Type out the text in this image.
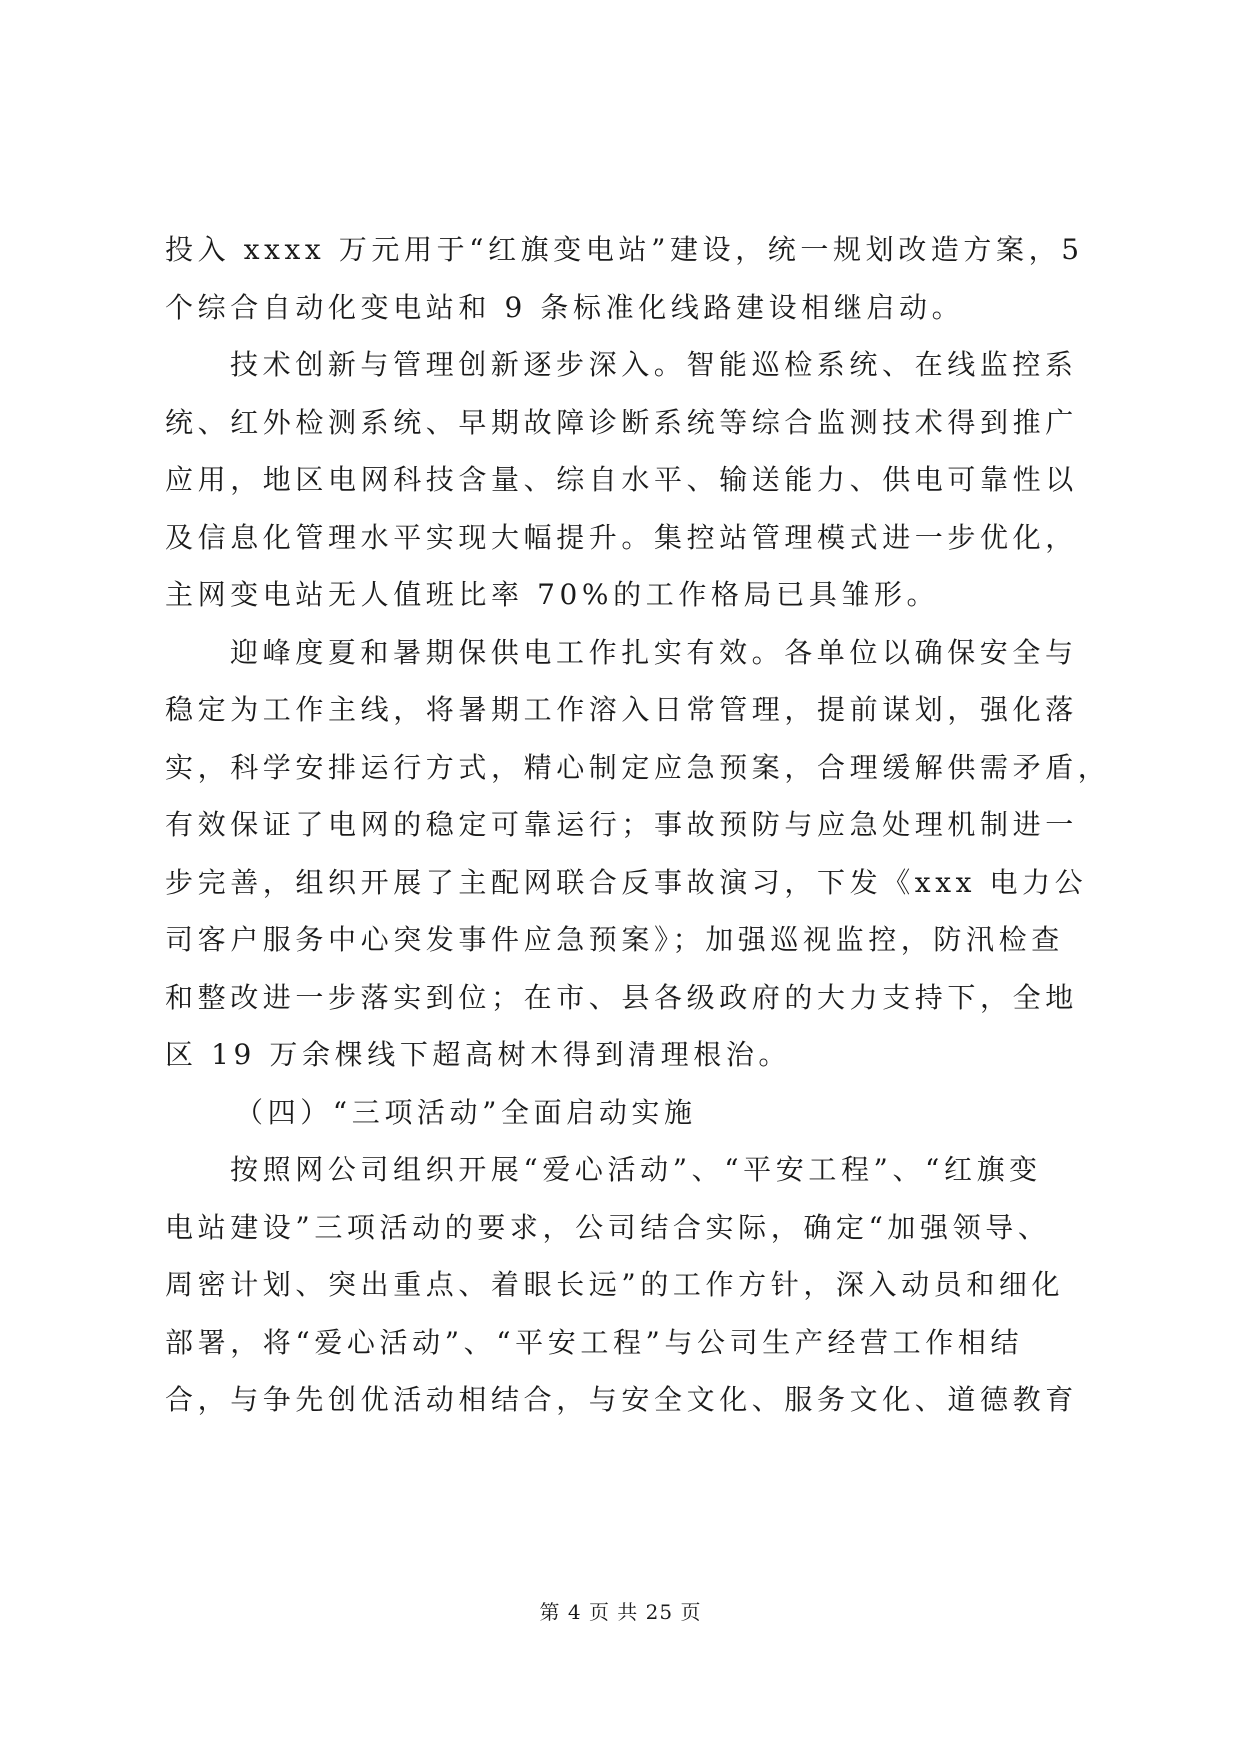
投入 xxxx 万元用于“红旗变电站”建设，统一规划改造方案，5
个综合自动化变电站和 9 条标准化线路建设相继启动。
技术创新与管理创新逐步深入。智能巡检系统、在线监控系
统、红外检测系统、早期故障诊断系统等综合监测技术得到推广
应用，地区电网科技含量、综自水平、输送能力、供电可靠性以
及信息化管理水平实现大幅提升。集控站管理模式进一步优化，
主网变电站无人值班比率 70%的工作格局已具雏形。
迎峰度夏和暑期保供电工作扎实有效。各单位以确保安全与
稳定为工作主线，将暑期工作溶入日常管理，提前谋划，强化落
实，科学安排运行方式，精心制定应急预案，合理缓解供需矛盾，
有效保证了电网的稳定可靠运行；事故预防与应急处理机制进一
步完善，组织开展了主配网联合反事故演习，下发《xxx 电力公
司客户服务中心突发事件应急预案》；加强巡视监控，防汛检查
和整改进一步落实到位；在市、县各级政府的大力支持下，全地
区 19 万余棵线下超高树木得到清理根治。
（四）“三项活动”全面启动实施
按照网公司组织开展“爱心活动”、“平安工程”、“红旗变
电站建设”三项活动的要求，公司结合实际，确定“加强领导、
周密计划、突出重点、着眼长远”的工作方针，深入动员和细化
部署，将“爱心活动”、“平安工程”与公司生产经营工作相结
合，与争先创优活动相结合，与安全文化、服务文化、道德教育
第 4 页 共 25 页
